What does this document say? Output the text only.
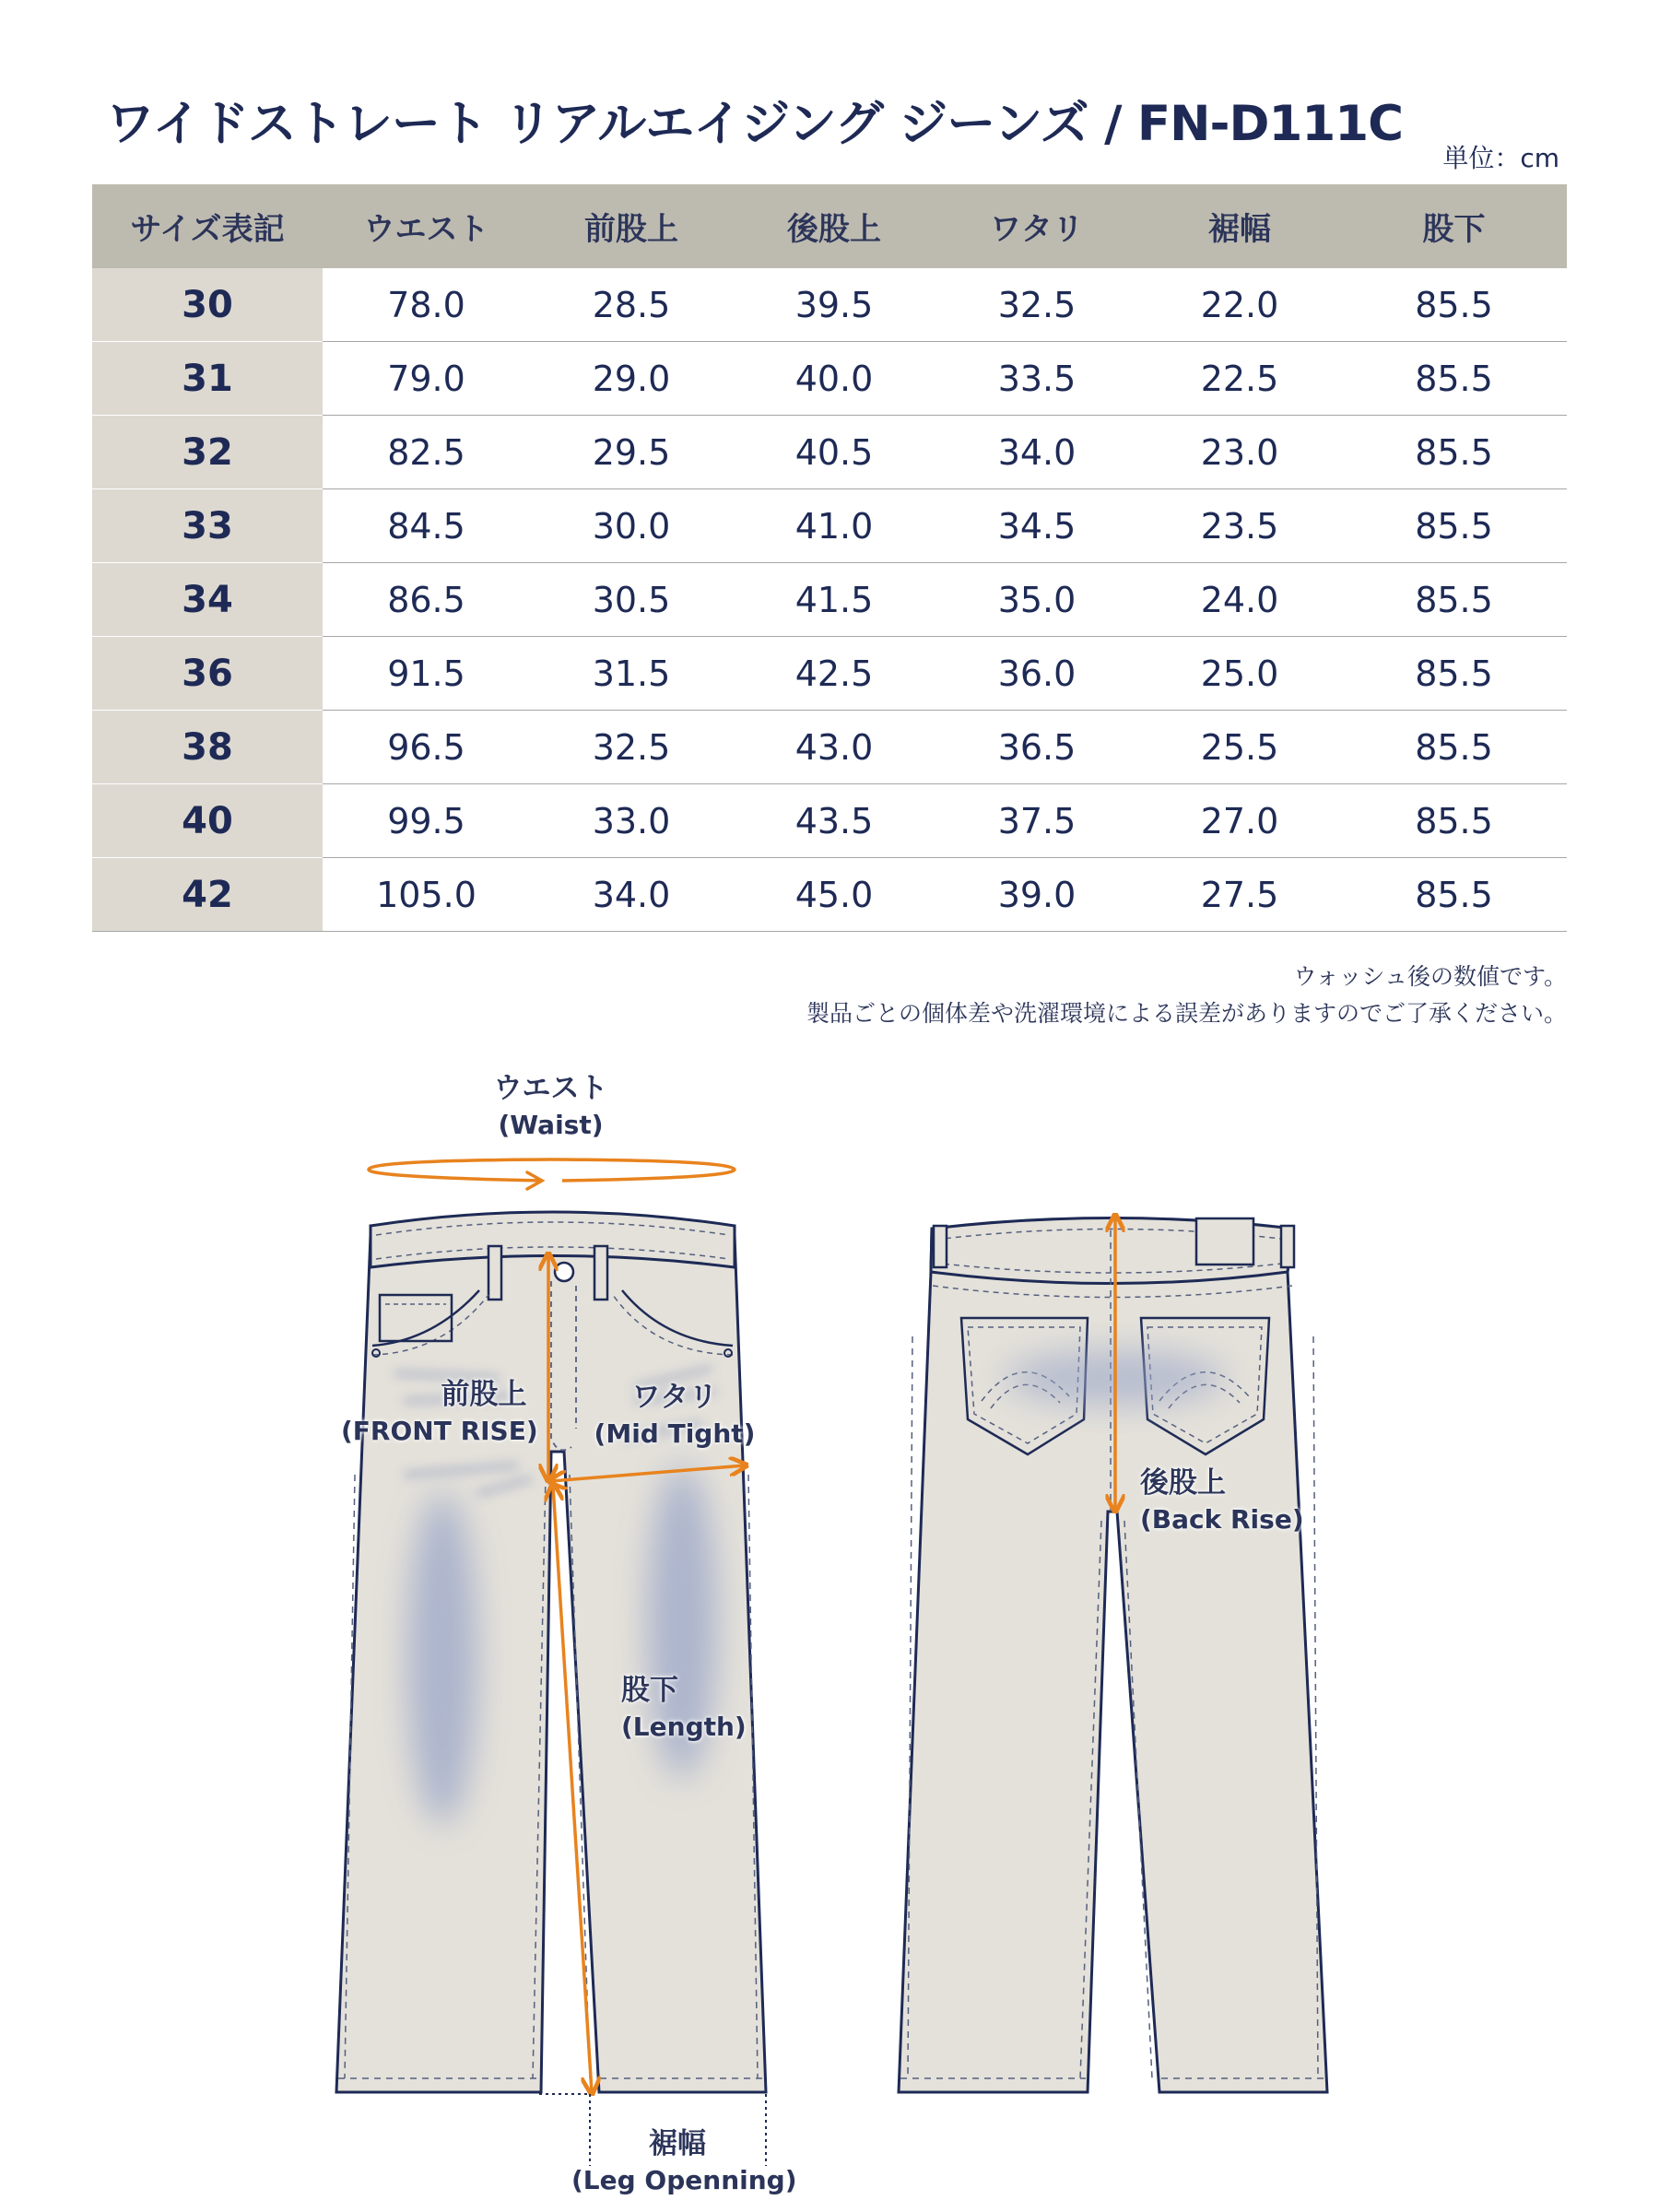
ワイドストレート リアルエイジング ジーンズ / FN-D111C
単位：cm
サイズ表記	ウエスト	前股上	後股上	ワタリ	裾幅	股下
30	78.0	28.5	39.5	32.5	22.0	85.5
31	79.0	29.0	40.0	33.5	22.5	85.5
32	82.5	29.5	40.5	34.0	23.0	85.5
33	84.5	30.0	41.0	34.5	23.5	85.5
34	86.5	30.5	41.5	35.0	24.0	85.5
36	91.5	31.5	42.5	36.0	25.0	85.5
38	96.5	32.5	43.0	36.5	25.5	85.5
40	99.5	33.0	43.5	37.5	27.0	85.5
42	105.0	34.0	45.0	39.0	27.5	85.5
ウォッシュ後の数値です。
製品ごとの個体差や洗濯環境による誤差がありますのでご了承ください。
ウエスト
(Waist)
前股上
(FRONT RISE)
ワタリ
(Mid Tight)
股下
(Length)
裾幅
(Leg Openning)
後股上
(Back Rise)
